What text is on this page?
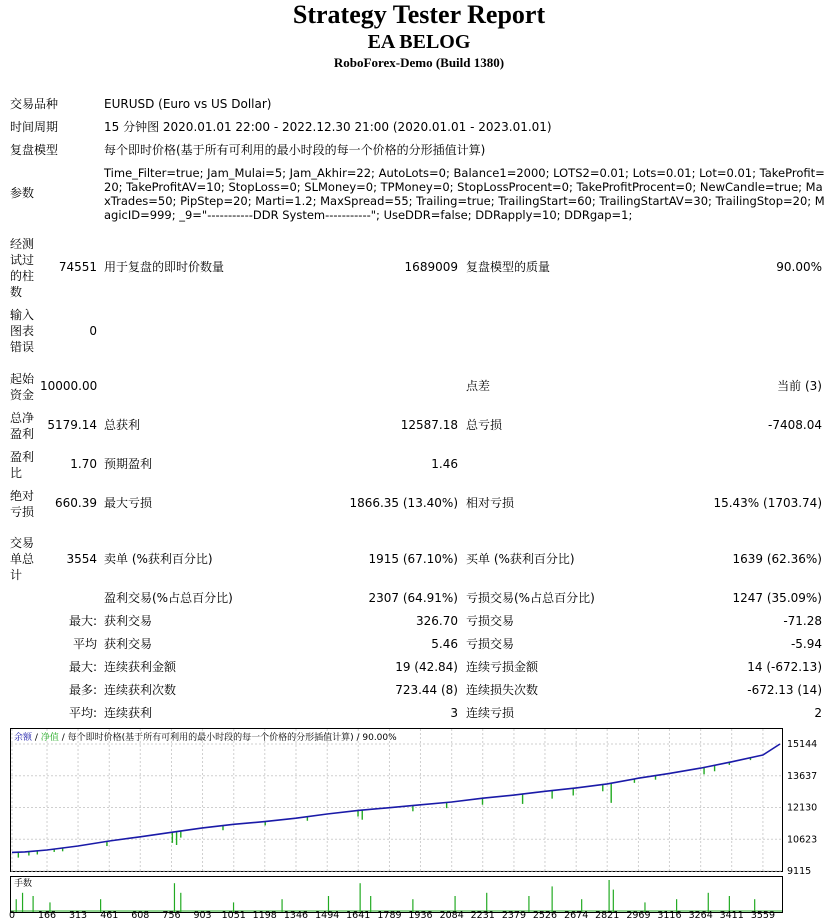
Strategy Tester Report
EA BELOG
RoboForex-Demo (Build 1380)
交易品种	EURUSD (Euro vs US Dollar)
时间周期	15 分钟图 2020.01.01 22:00 - 2022.12.30 21:00 (2020.01.01 - 2023.01.01)
复盘模型	每个即时价格(基于所有可利用的最小时段的每一个价格的分形插值计算)
参数
Time_Filter=true; Jam_Mulai=5; Jam_Akhir=22; AutoLots=0; Balance1=2000; LOTS2=0.01; Lots=0.01; Lot=0.01; TakeProfit=20; TakeProfitAV=10; StopLoss=0; SLMoney=0; TPMoney=0; StopLossProcent=0; TakeProfitProcent=0; NewCandle=true; MaxTrades=50; PipStep=20; Marti=1.2; MaxSpread=55; Trailing=true; TrailingStart=60; TrailingStartAV=30; TrailingStop=20; MagicID=999; _9="-----------DDR System-----------"; UseDDR=false; DDRapply=10; DDRgap=1;
经测试过的柱数
74551 用于复盘的即时价数量	1689009 复盘模型的质量	90.00%
输入图表错误
0
起始资金
10000.00	点差	当前 (3)
总净盈利
5179.14 总获利	12587.18 总亏损	-7408.04
盈利比
1.70 预期盈利	1.46
绝对亏损
660.39 最大亏损	1866.35 (13.40%) 相对亏损	15.43% (1703.74)
交易单总计
3554 卖单 (%获利百分比)	1915 (67.10%) 买单 (%获利百分比)	1639 (62.36%)
盈利交易(%占总百分比)	2307 (64.91%) 亏损交易(%占总百分比)	1247 (35.09%)
最大: 获利交易	326.70 亏损交易	-71.28
平均 获利交易	5.46 亏损交易	-5.94
最大: 连续获利金额	19 (42.84) 连续亏损金额	14 (-672.13)
最多: 连续获利次数	723.44 (8) 连续损失次数	-672.13 (14)
平均: 连续获利	3 连续亏损	2
15144
13637
12130
10623
9115
0 166 313 461 608 756 903 1051 1198 1346 1494 1641 1789 1936 2084 2231 2379 2526 2674 2821 2969 3116 3264 3411 3559
余额 / 净值 / 每个即时价格(基于所有可利用的最小时段的每一个价格的分形插值计算) / 90.00%
手数
